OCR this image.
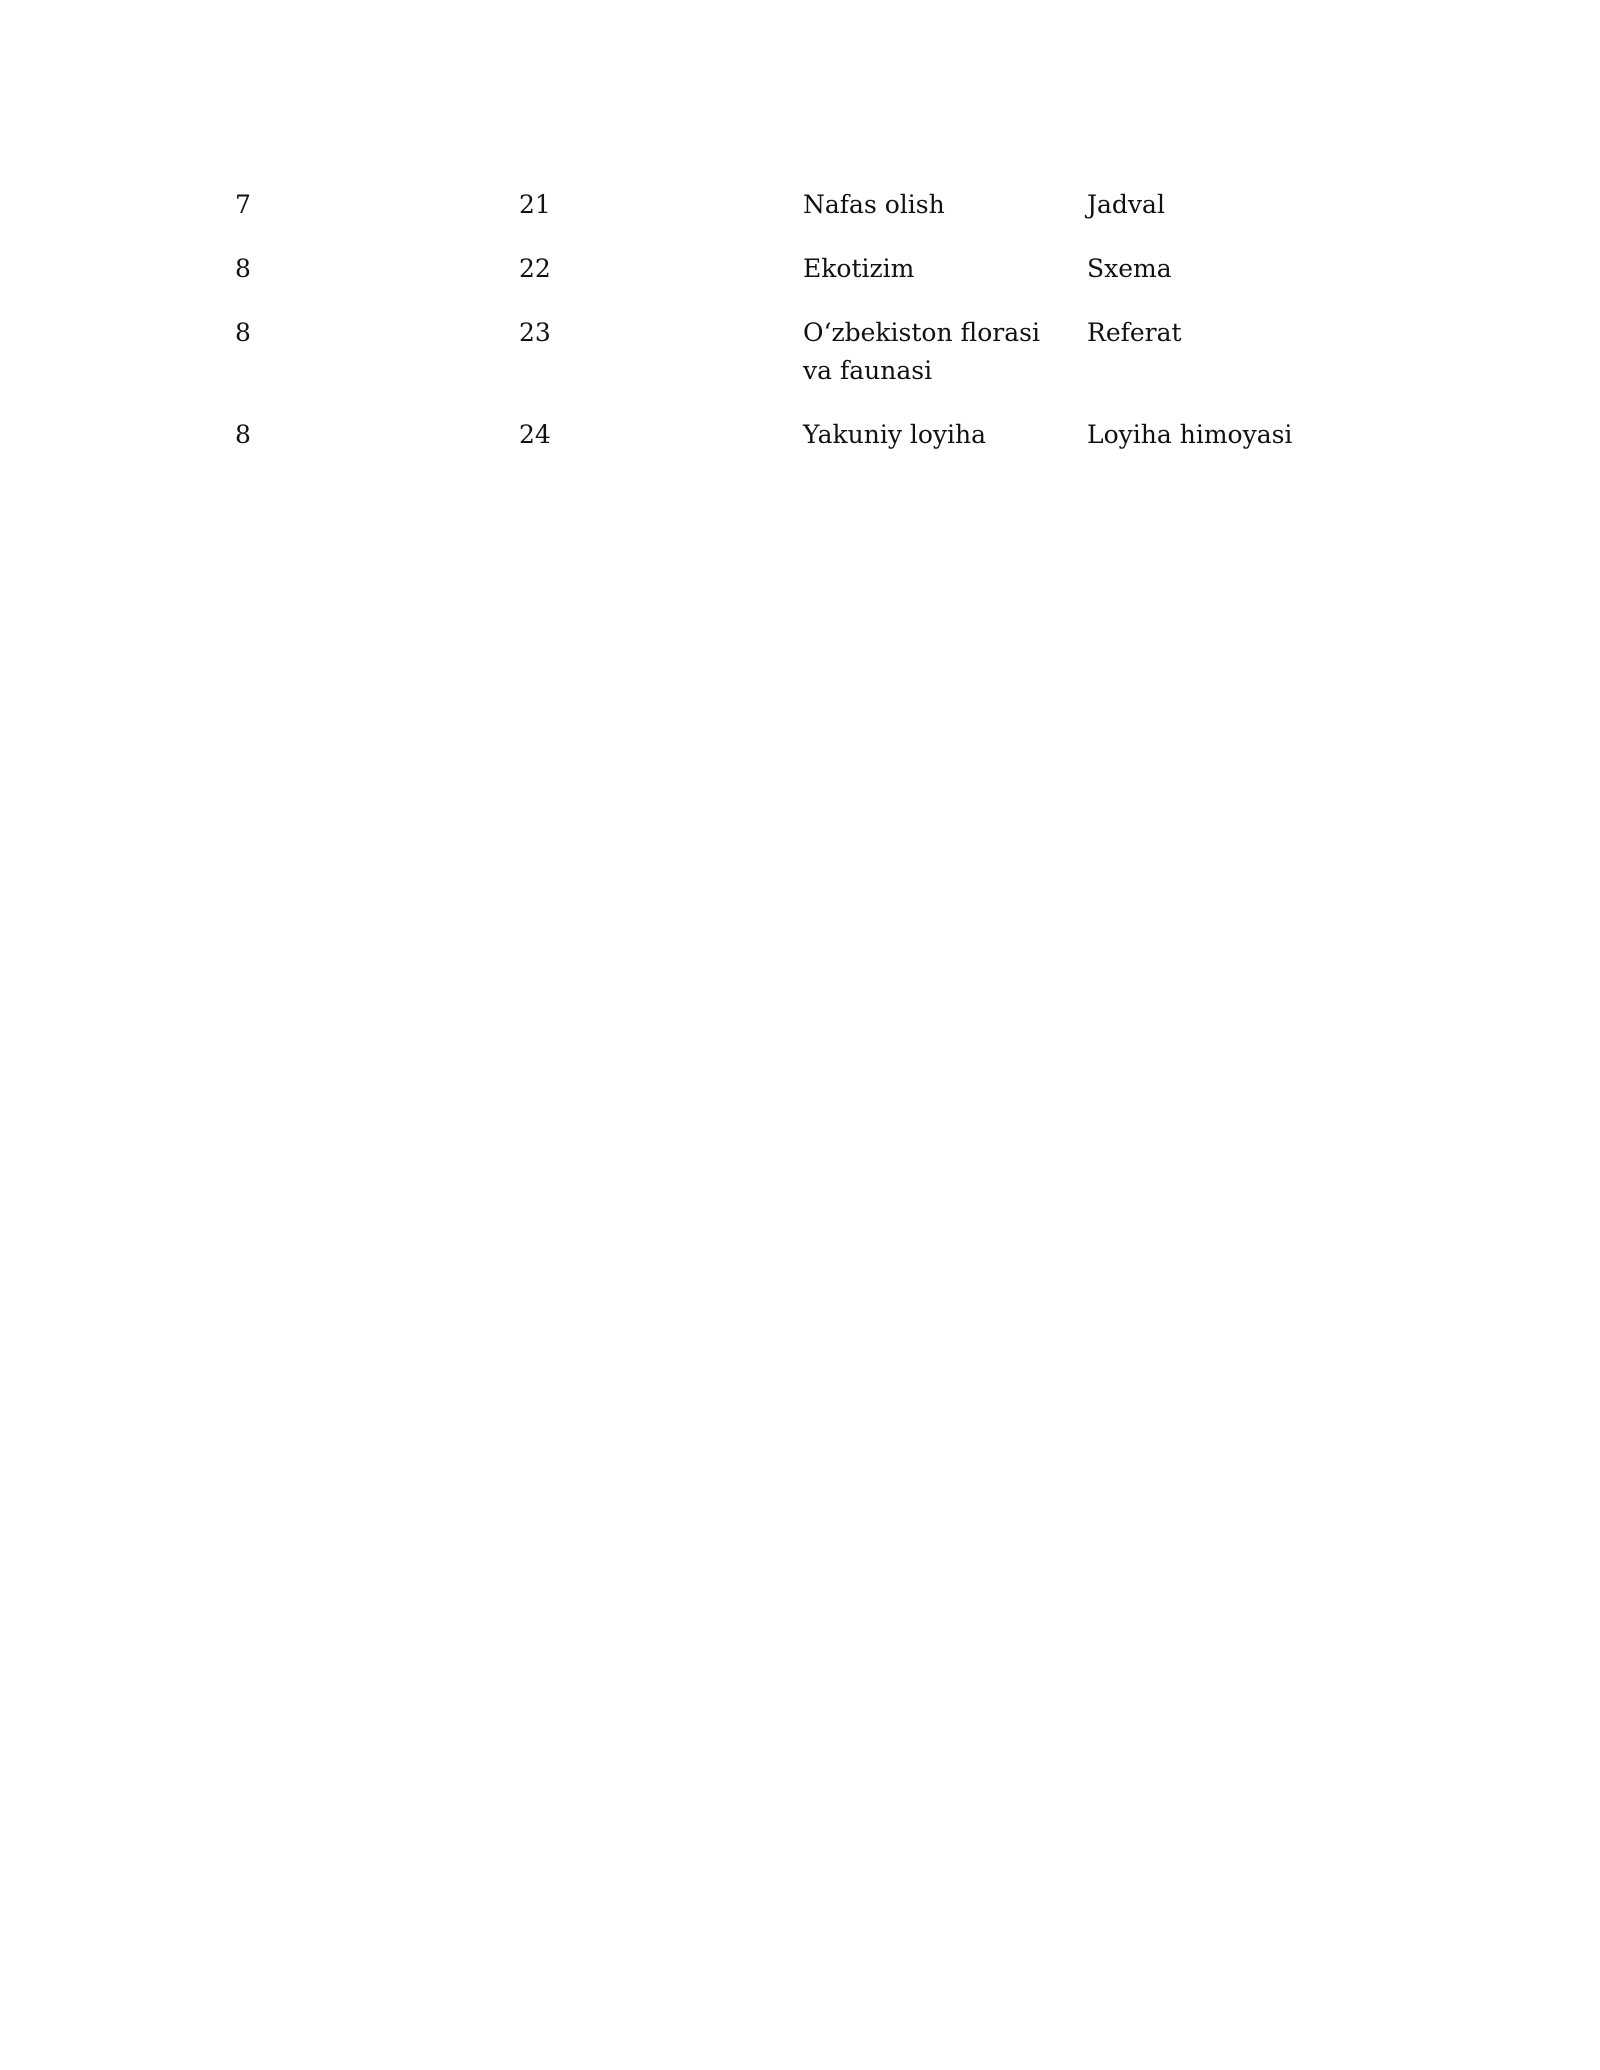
7	21	Nafas olish	Jadval
8	22	Ekotizim	Sxema
8	23	O‘zbekiston florasi va faunasi	Referat
8	24	Yakuniy loyiha	Loyiha himoyasi
